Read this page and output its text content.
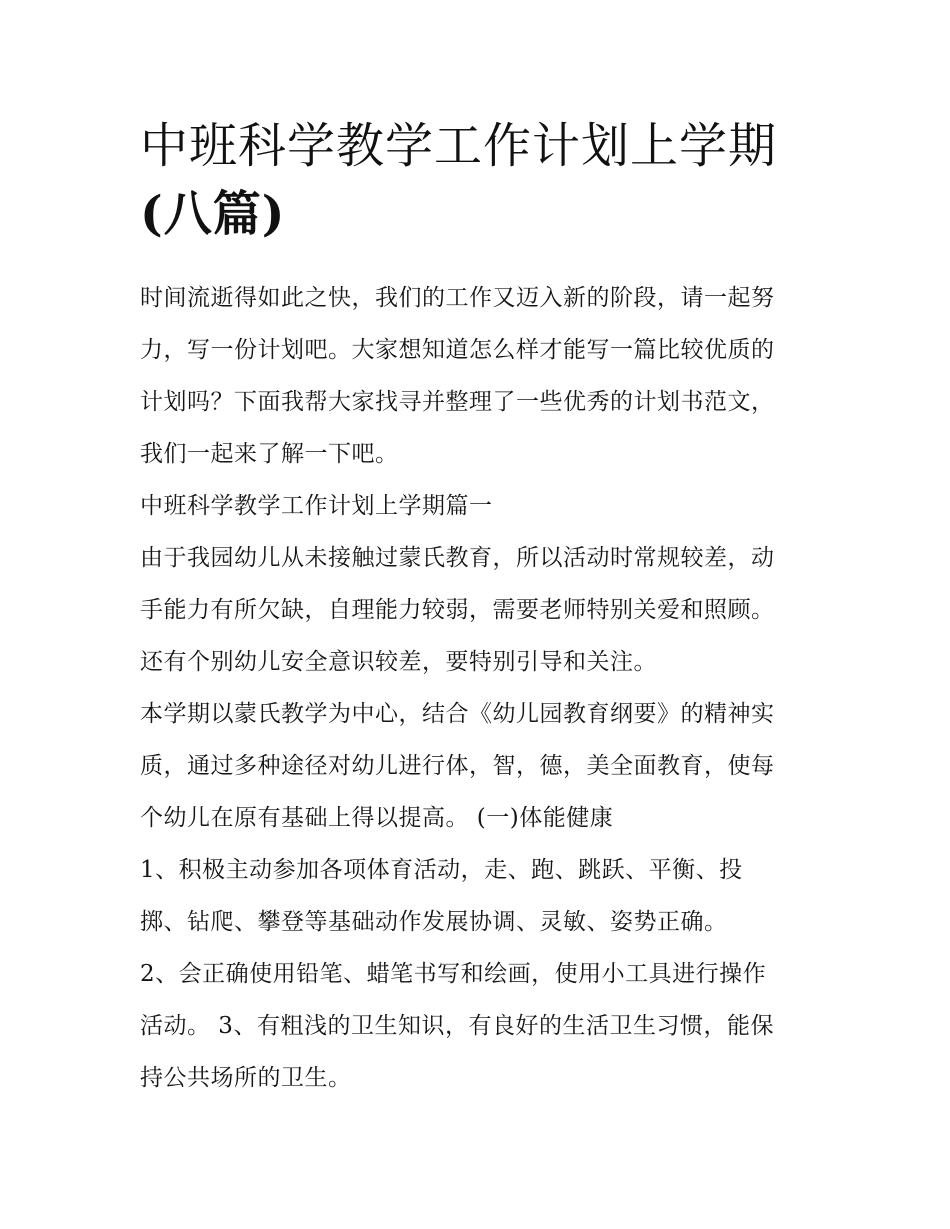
中班科学教学工作计划上学期
(八篇)

时间流逝得如此之快，我们的工作又迈入新的阶段，请一起努
力，写一份计划吧。大家想知道怎么样才能写一篇比较优质的
计划吗？下面我帮大家找寻并整理了一些优秀的计划书范文，
我们一起来了解一下吧。

中班科学教学工作计划上学期篇一

由于我园幼儿从未接触过蒙氏教育，所以活动时常规较差，动
手能力有所欠缺，自理能力较弱，需要老师特别关爱和照顾。
还有个别幼儿安全意识较差，要特别引导和关注。

本学期以蒙氏教学为中心，结合《幼儿园教育纲要》的精神实
质，通过多种途径对幼儿进行体，智，德，美全面教育，使每
个幼儿在原有基础上得以提高。 (一)体能健康

1、积极主动参加各项体育活动，走、跑、跳跃、平衡、投
掷、钻爬、攀登等基础动作发展协调、灵敏、姿势正确。

2、会正确使用铅笔、蜡笔书写和绘画，使用小工具进行操作
活动。 3、有粗浅的卫生知识，有良好的生活卫生习惯，能保
持公共场所的卫生。
